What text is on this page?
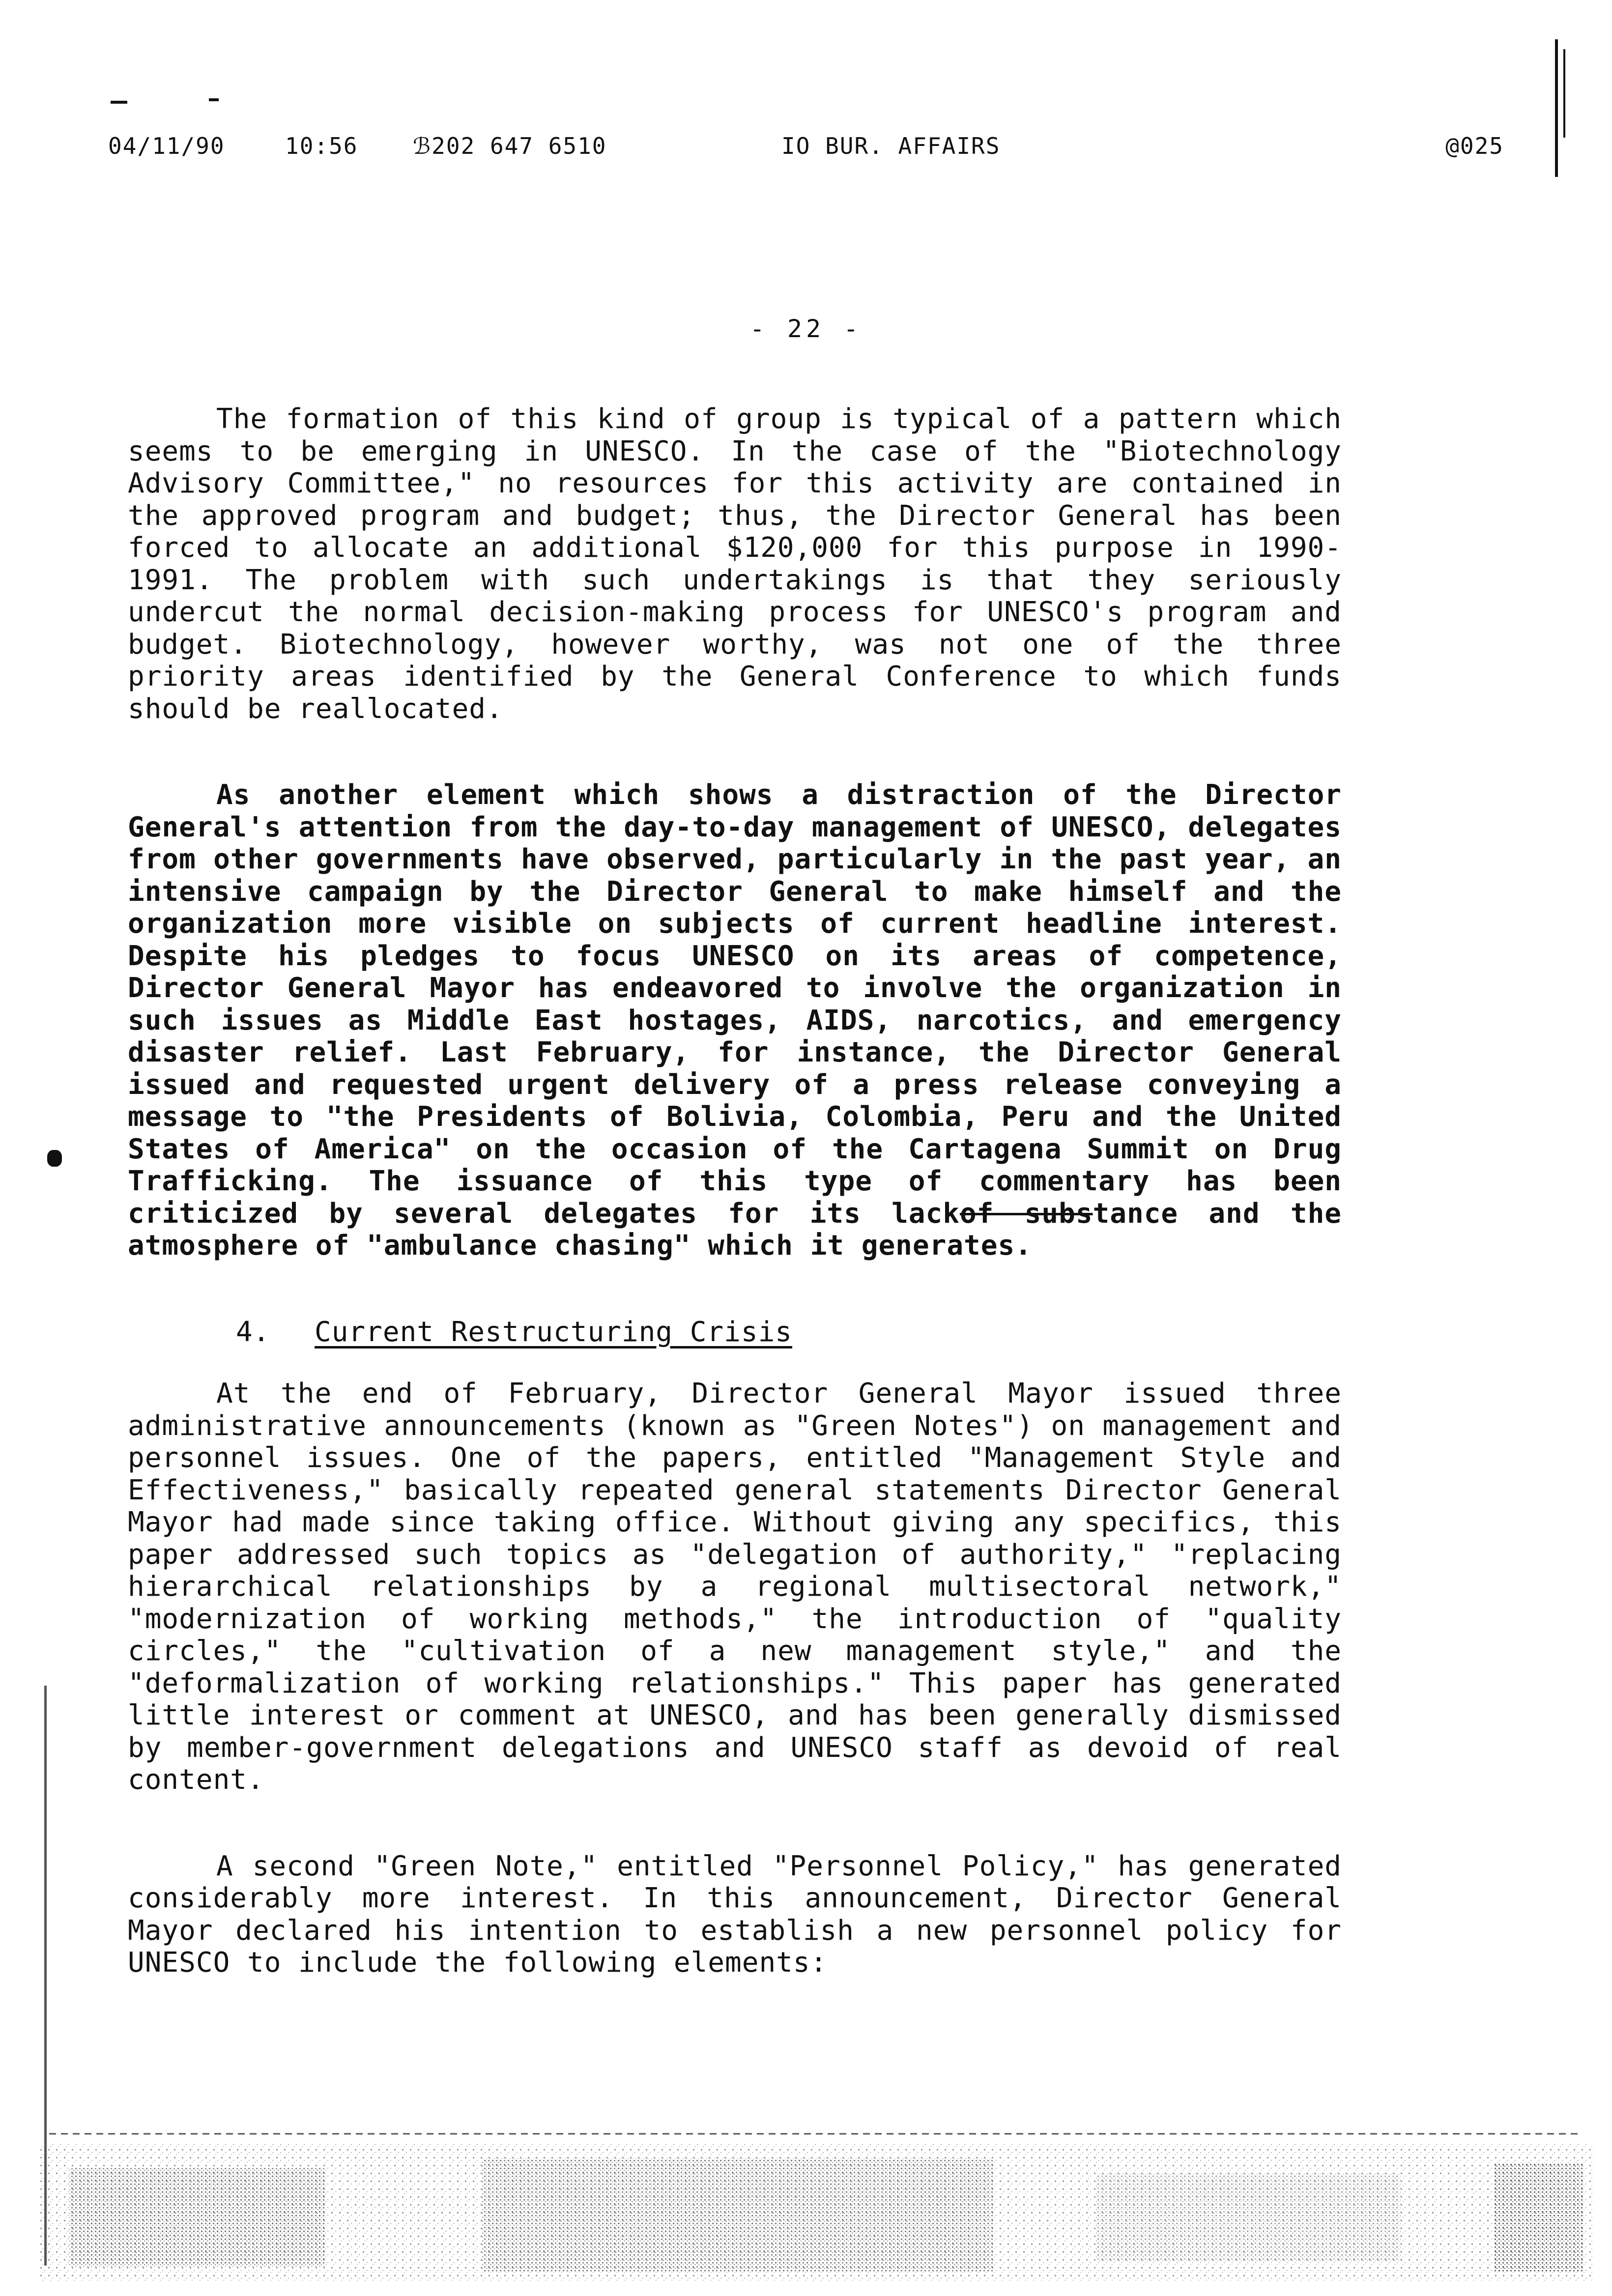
04/11/90	10:56 ℬ202 647 6510	IO BUR. AFFAIRS	@025
- 22 -

The formation of this kind of group is typical of a pattern which seems to be emerging in UNESCO. In the case of the "Biotechnology Advisory Committee," no resources for this activity are contained in the approved program and budget; thus, the Director General has been forced to allocate an additional $120,000 for this purpose in 1990-1991. The problem with such undertakings is that they seriously undercut the normal decision-making process for UNESCO's program and budget. Biotechnology, however worthy, was not one of the three priority areas identified by the General Conference to which funds should be reallocated.

As another element which shows a distraction of the Director General's attention from the day-to-day management of UNESCO, delegates from other governments have observed, particularly in the past year, an intensive campaign by the Director General to make himself and the organization more visible on subjects of current headline interest. Despite his pledges to focus UNESCO on its areas of competence, Director General Mayor has endeavored to involve the organization in such issues as Middle East hostages, AIDS, narcotics, and emergency disaster relief. Last February, for instance, the Director General issued and requested urgent delivery of a press release conveying a message to "the Presidents of Bolivia, Colombia, Peru and the United States of America" on the occasion of the Cartagena Summit on Drug Trafficking. The issuance of this type of commentary has been criticized by several delegates for its lackof substance and the atmosphere of "ambulance chasing" which it generates.

4. Current Restructuring Crisis

At the end of February, Director General Mayor issued three administrative announcements (known as "Green Notes") on management and personnel issues. One of the papers, entitled "Management Style and Effectiveness," basically repeated general statements Director General Mayor had made since taking office. Without giving any specifics, this paper addressed such topics as "delegation of authority," "replacing hierarchical relationships by a regional multisectoral network," "modernization of working methods," the introduction of "quality circles," the "cultivation of a new management style," and the "deformalization of working relationships." This paper has generated little interest or comment at UNESCO, and has been generally dismissed by member-government delegations and UNESCO staff as devoid of real content.

A second "Green Note," entitled "Personnel Policy," has generated considerably more interest. In this announcement, Director General Mayor declared his intention to establish a new personnel policy for UNESCO to include the following elements:
